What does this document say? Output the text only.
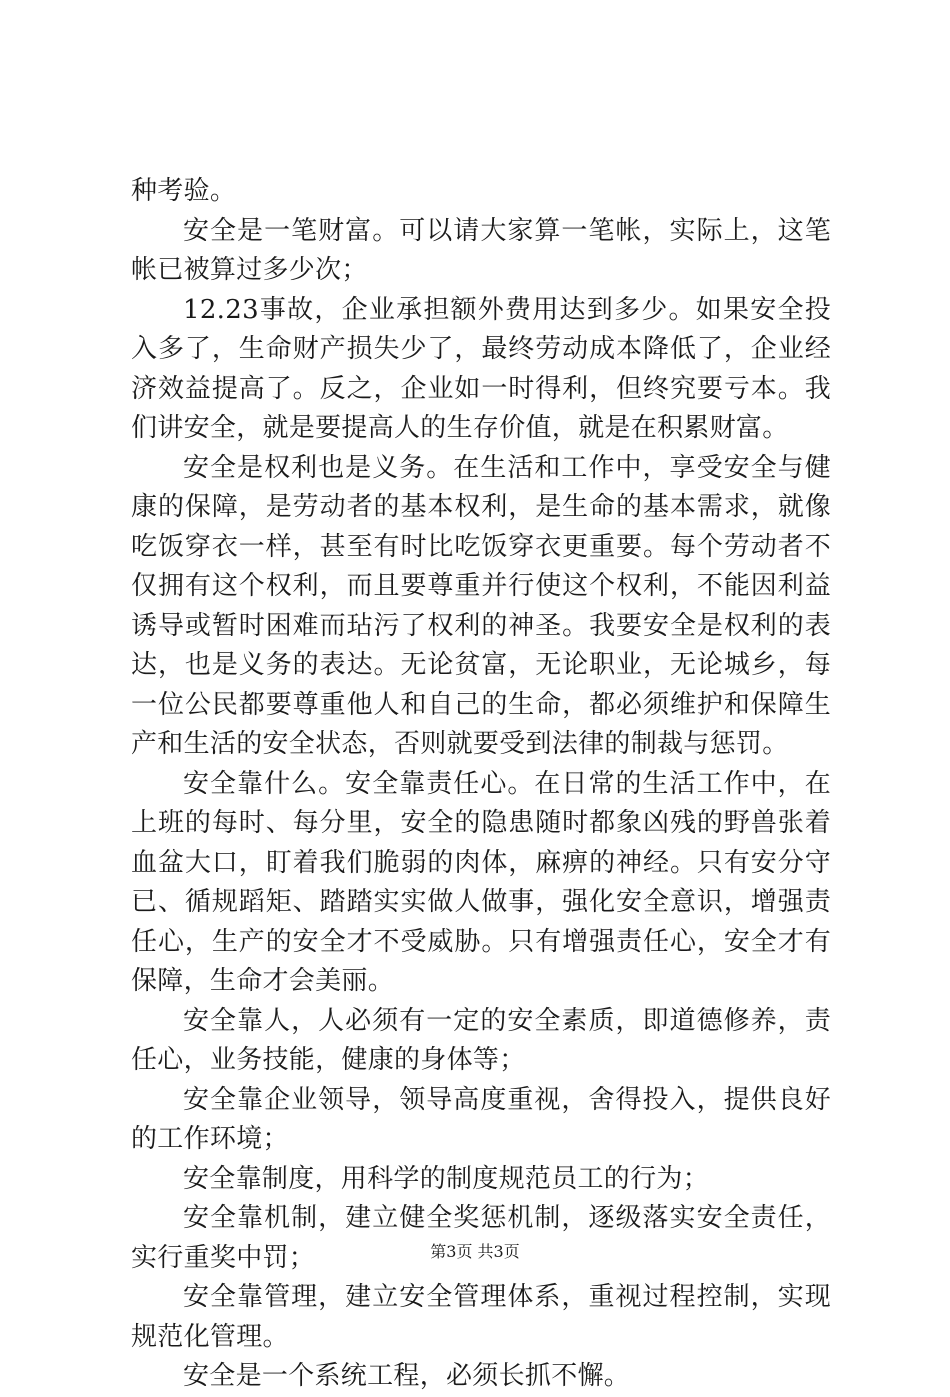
种考验。

安全是一笔财富。可以请大家算一笔帐，实际上，这笔帐已被算过多少次；

12.23事故，企业承担额外费用达到多少。如果安全投入多了，生命财产损失少了，最终劳动成本降低了，企业经济效益提高了。反之，企业如一时得利，但终究要亏本。我们讲安全，就是要提高人的生存价值，就是在积累财富。

安全是权利也是义务。在生活和工作中，享受安全与健康的保障，是劳动者的基本权利，是生命的基本需求，就像吃饭穿衣一样，甚至有时比吃饭穿衣更重要。每个劳动者不仅拥有这个权利，而且要尊重并行使这个权利，不能因利益诱导或暂时困难而玷污了权利的神圣。我要安全是权利的表达，也是义务的表达。无论贫富，无论职业，无论城乡，每一位公民都要尊重他人和自己的生命，都必须维护和保障生产和生活的安全状态，否则就要受到法律的制裁与惩罚。

安全靠什么。安全靠责任心。在日常的生活工作中，在上班的每时、每分里，安全的隐患随时都象凶残的野兽张着血盆大口，盯着我们脆弱的肉体，麻痹的神经。只有安分守已、循规蹈矩、踏踏实实做人做事，强化安全意识，增强责任心，生产的安全才不受威胁。只有增强责任心，安全才有保障，生命才会美丽。

安全靠人，人必须有一定的安全素质，即道德修养，责任心，业务技能，健康的身体等；

安全靠企业领导，领导高度重视，舍得投入，提供良好的工作环境；

安全靠制度，用科学的制度规范员工的行为；

安全靠机制，建立健全奖惩机制，逐级落实安全责任，实行重奖中罚；

安全靠管理，建立安全管理体系，重视过程控制，实现规范化管理。

安全是一个系统工程，必须长抓不懈。

第3页 共3页
